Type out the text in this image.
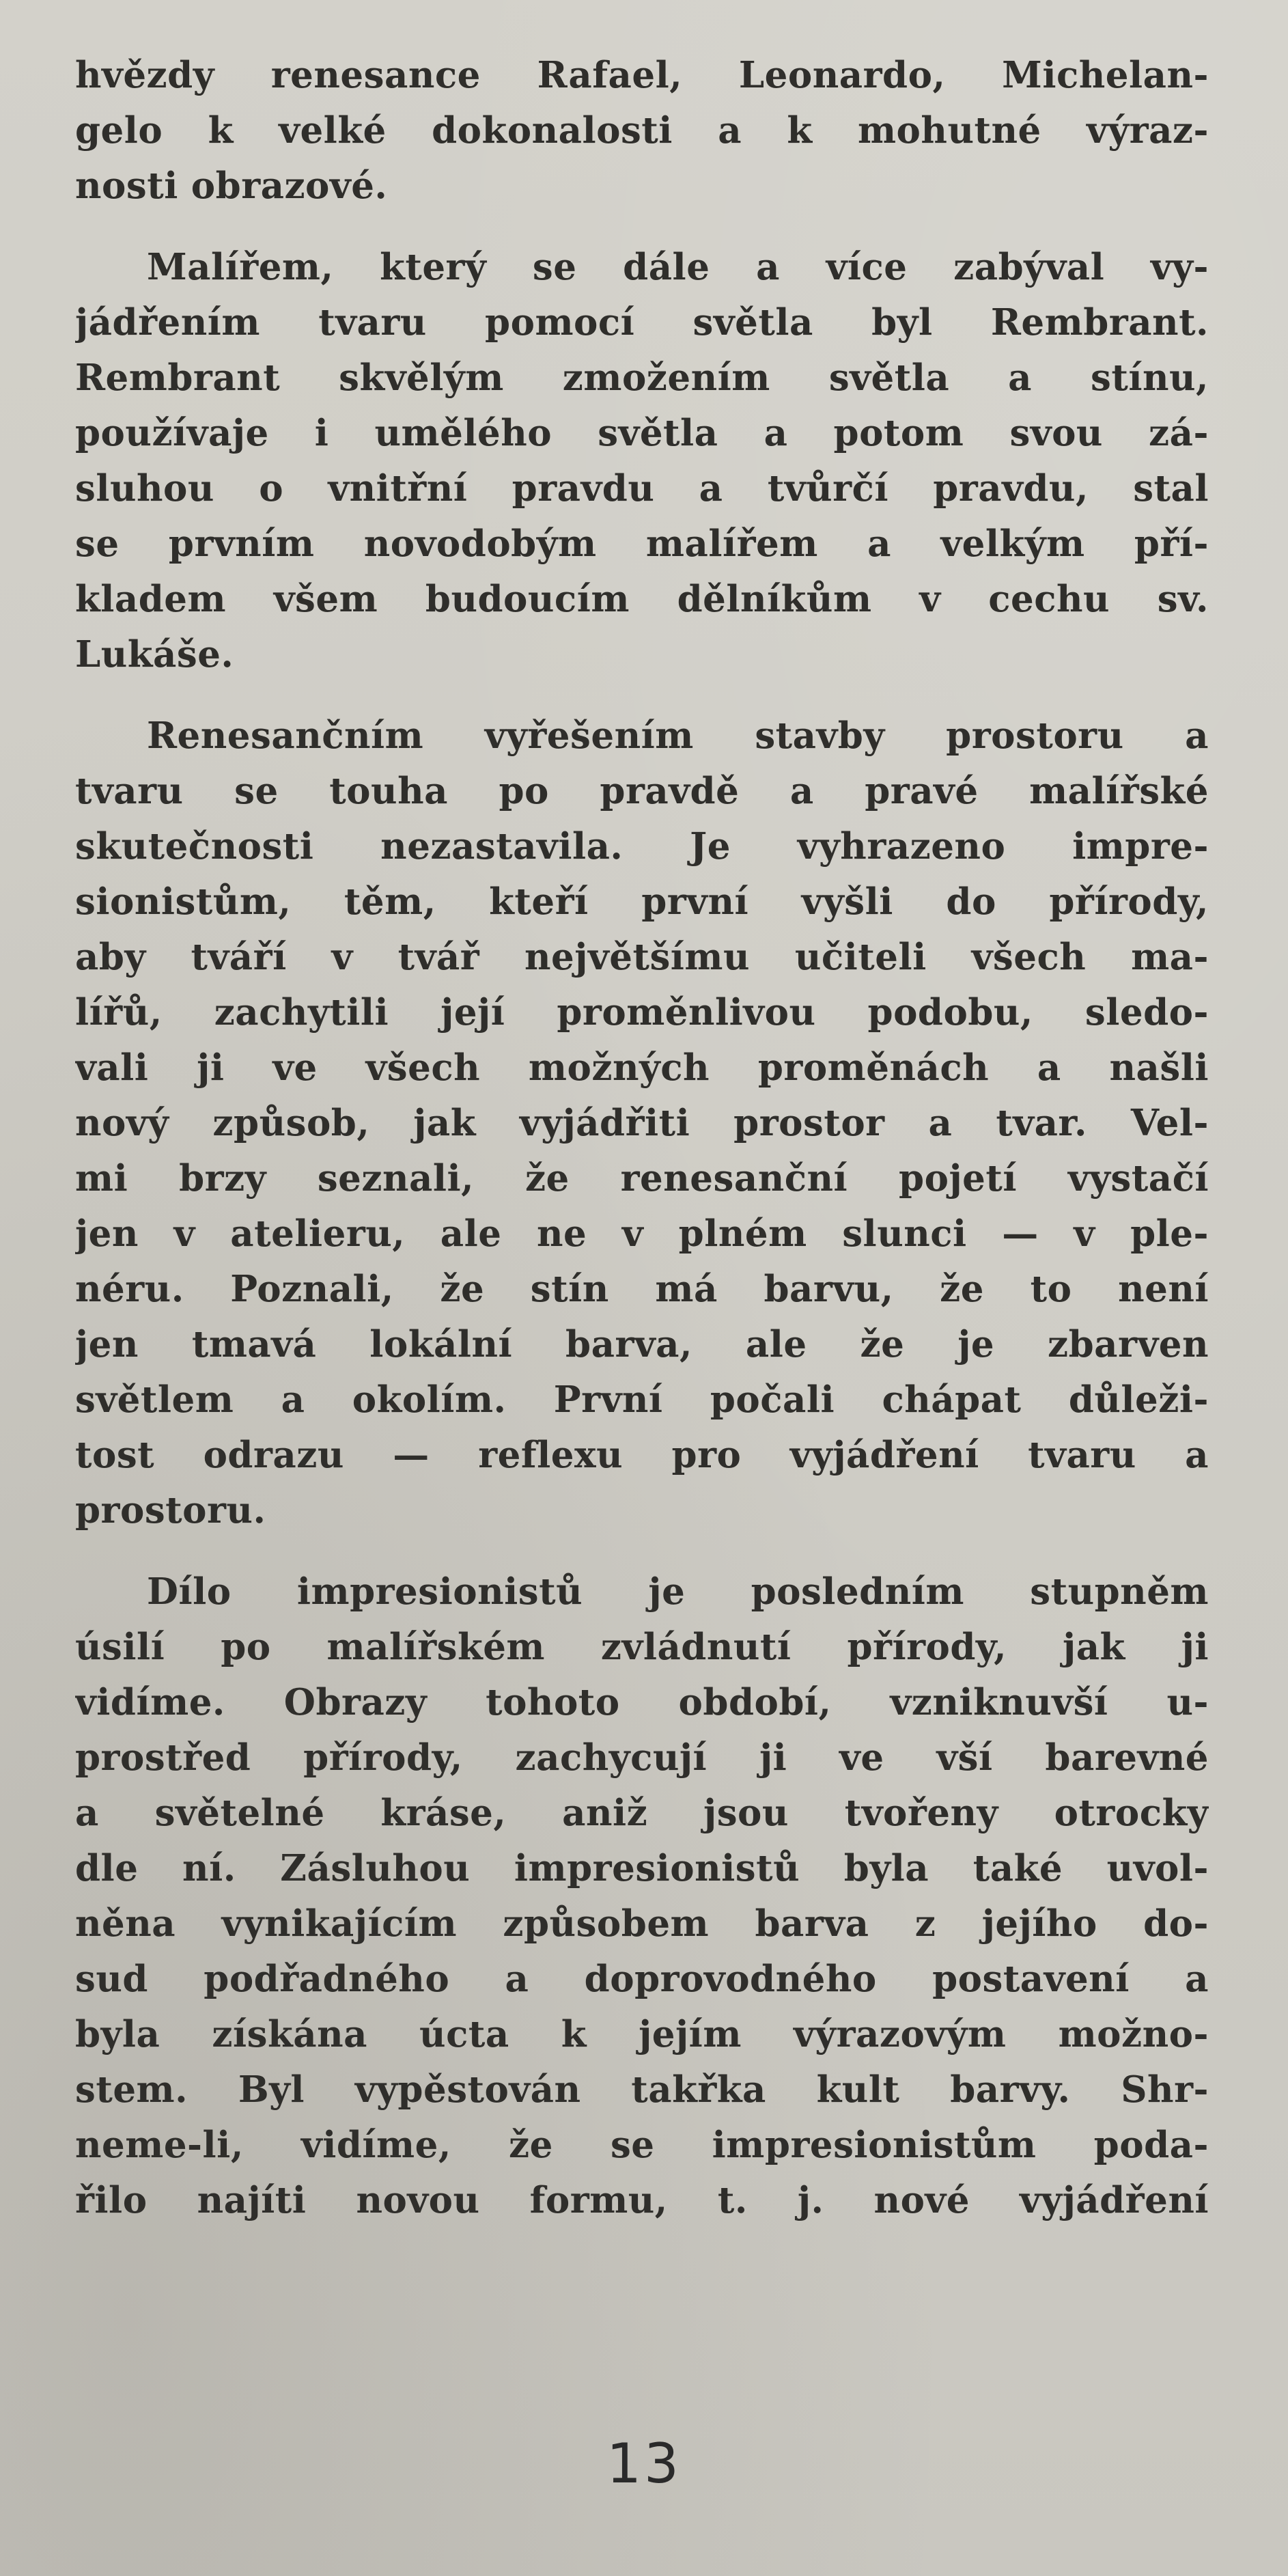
hvězdy renesance Rafael, Leonardo, Michelan-
gelo k velké dokonalosti a k mohutné výraz-
nosti obrazové.
Malířem, který se dále a více zabýval vy-
jádřením tvaru pomocí světla byl Rembrant.
Rembrant skvělým zmožením světla a stínu,
používaje i umělého světla a potom svou zá-
sluhou o vnitřní pravdu a tvůrčí pravdu, stal
se prvním novodobým malířem a velkým pří-
kladem všem budoucím dělníkům v cechu sv.
Lukáše.
Renesančním vyřešením stavby prostoru a
tvaru se touha po pravdě a pravé malířské
skutečnosti nezastavila. Je vyhrazeno impre-
sionistům, těm, kteří první vyšli do přírody,
aby tváří v tvář největšímu učiteli všech ma-
lířů, zachytili její proměnlivou podobu, sledo-
vali ji ve všech možných proměnách a našli
nový způsob, jak vyjádřiti prostor a tvar. Vel-
mi brzy seznali, že renesanční pojetí vystačí
jen v atelieru, ale ne v plném slunci — v ple-
néru. Poznali, že stín má barvu, že to není
jen tmavá lokální barva, ale že je zbarven
světlem a okolím. První počali chápat důleži-
tost odrazu — reflexu pro vyjádření tvaru a
prostoru.
Dílo impresionistů je posledním stupněm
úsilí po malířském zvládnutí přírody, jak ji
vidíme. Obrazy tohoto období, vzniknuvší u-
prostřed přírody, zachycují ji ve vší barevné
a světelné kráse, aniž jsou tvořeny otrocky
dle ní. Zásluhou impresionistů byla také uvol-
něna vynikajícím způsobem barva z jejího do-
sud podřadného a doprovodného postavení a
byla získána úcta k jejím výrazovým možno-
stem. Byl vypěstován takřka kult barvy. Shr-
neme-li, vidíme, že se impresionistům poda-
řilo najíti novou formu, t. j. nové vyjádření
13
